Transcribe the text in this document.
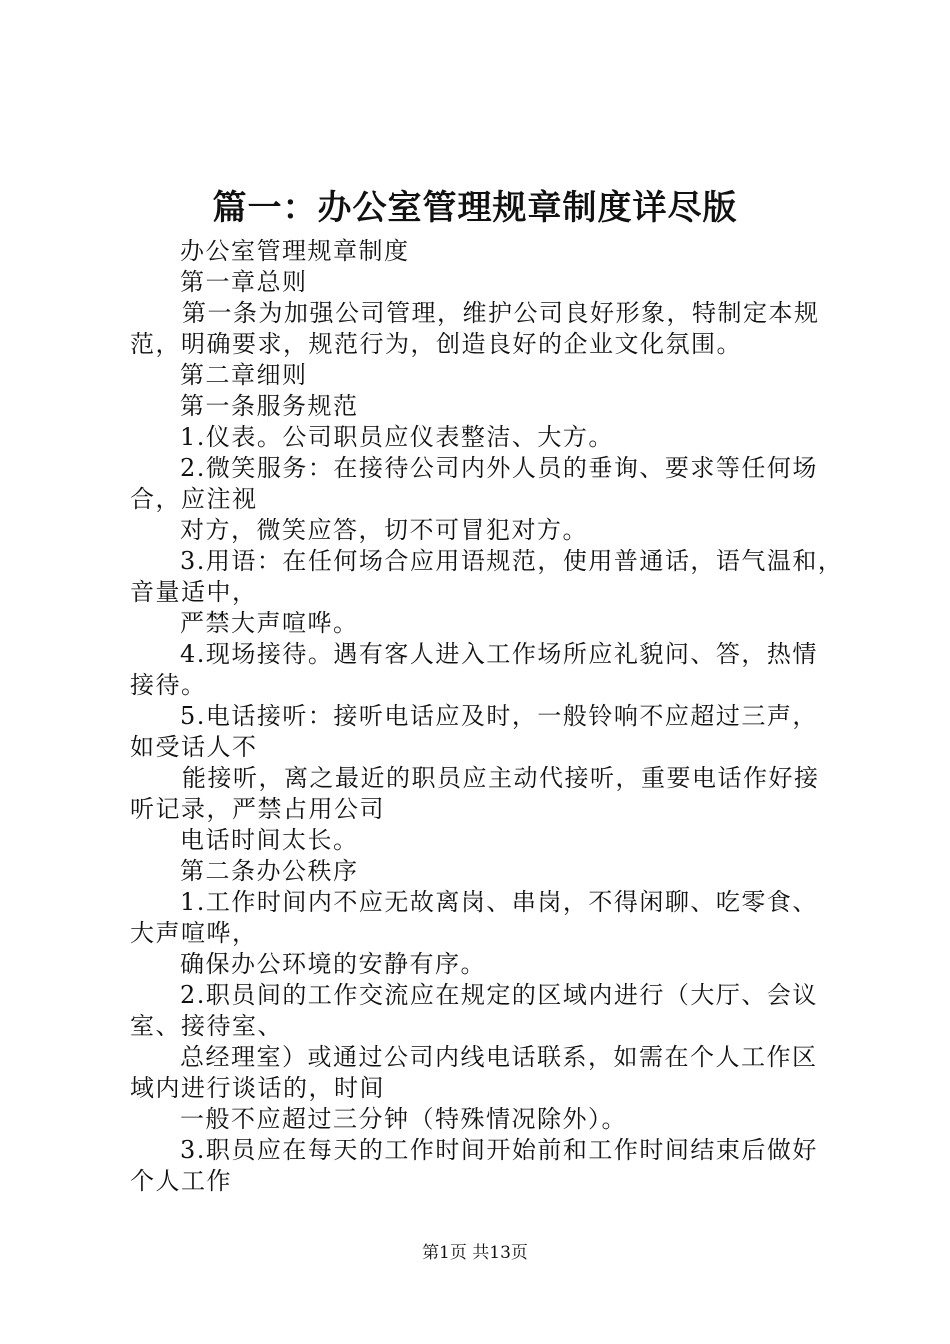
篇一：办公室管理规章制度详尽版
办公室管理规章制度
第一章总则
第一条为加强公司管理，维护公司良好形象，特制定本规
范，明确要求，规范行为，创造良好的企业文化氛围。
第二章细则
第一条服务规范
1.仪表。公司职员应仪表整洁、大方。
2.微笑服务：在接待公司内外人员的垂询、要求等任何场
合，应注视
对方，微笑应答，切不可冒犯对方。
3.用语：在任何场合应用语规范，使用普通话，语气温和，
音量适中，
严禁大声喧哗。
4.现场接待。遇有客人进入工作场所应礼貌问、答，热情
接待。
5.电话接听：接听电话应及时，一般铃响不应超过三声，
如受话人不
能接听，离之最近的职员应主动代接听，重要电话作好接
听记录，严禁占用公司
电话时间太长。
第二条办公秩序
1.工作时间内不应无故离岗、串岗，不得闲聊、吃零食、
大声喧哗，
确保办公环境的安静有序。
2.职员间的工作交流应在规定的区域内进行（大厅、会议
室、接待室、
总经理室）或通过公司内线电话联系，如需在个人工作区
域内进行谈话的，时间
一般不应超过三分钟（特殊情况除外）。
3.职员应在每天的工作时间开始前和工作时间结束后做好
个人工作
第1页 共13页
